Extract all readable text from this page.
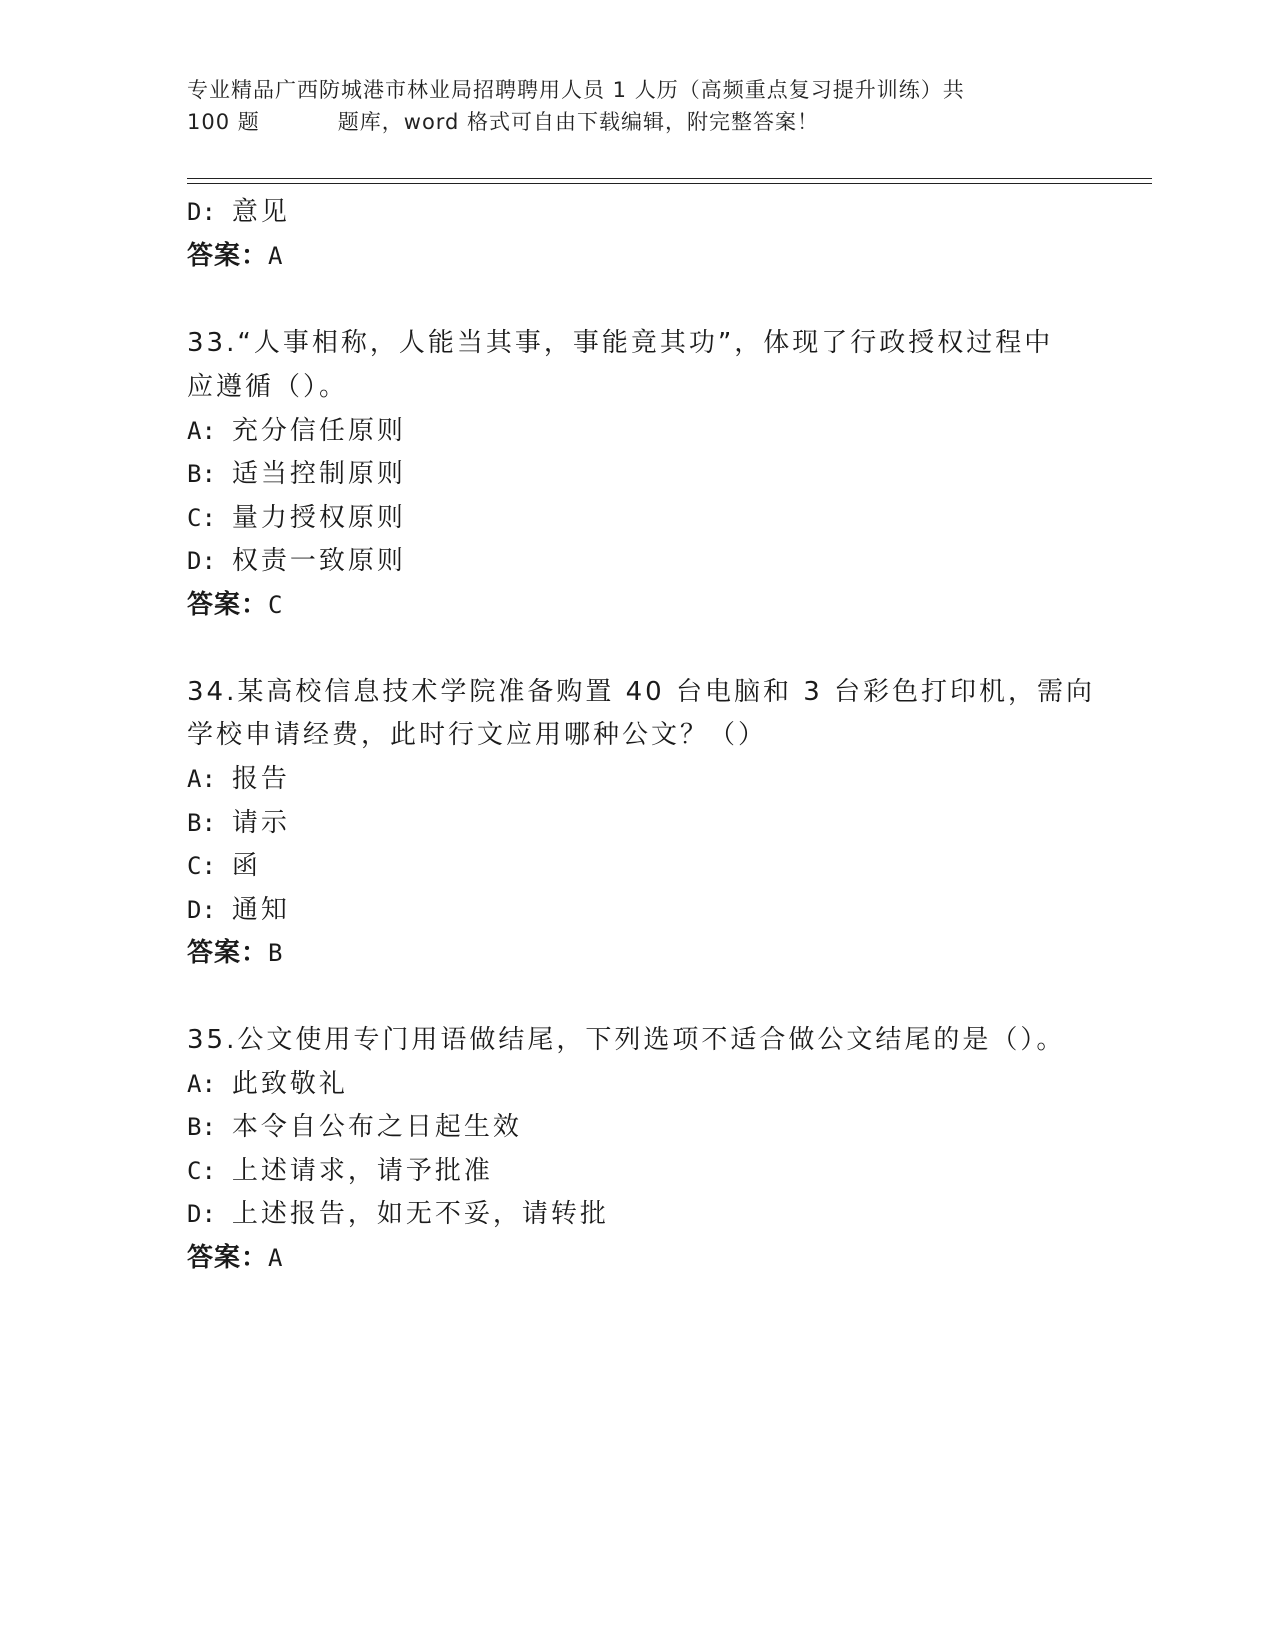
专业精品广西防城港市林业局招聘聘用人员 1 人历（高频重点复习提升训练）共
100 题	题库，word 格式可自由下载编辑，附完整答案！
D: 意见
答案：A
33.“人事相称，人能当其事，事能竟其功”，体现了行政授权过程中
应遵循（）。
A: 充分信任原则
B: 适当控制原则
C: 量力授权原则
D: 权责一致原则
答案：C
34.某高校信息技术学院准备购置 40 台电脑和 3 台彩色打印机，需向
学校申请经费，此时行文应用哪种公文？（）
A: 报告
B: 请示
C: 函
D: 通知
答案：B
35.公文使用专门用语做结尾，下列选项不适合做公文结尾的是（）。
A: 此致敬礼
B: 本令自公布之日起生效
C: 上述请求，请予批准
D: 上述报告，如无不妥，请转批
答案：A
